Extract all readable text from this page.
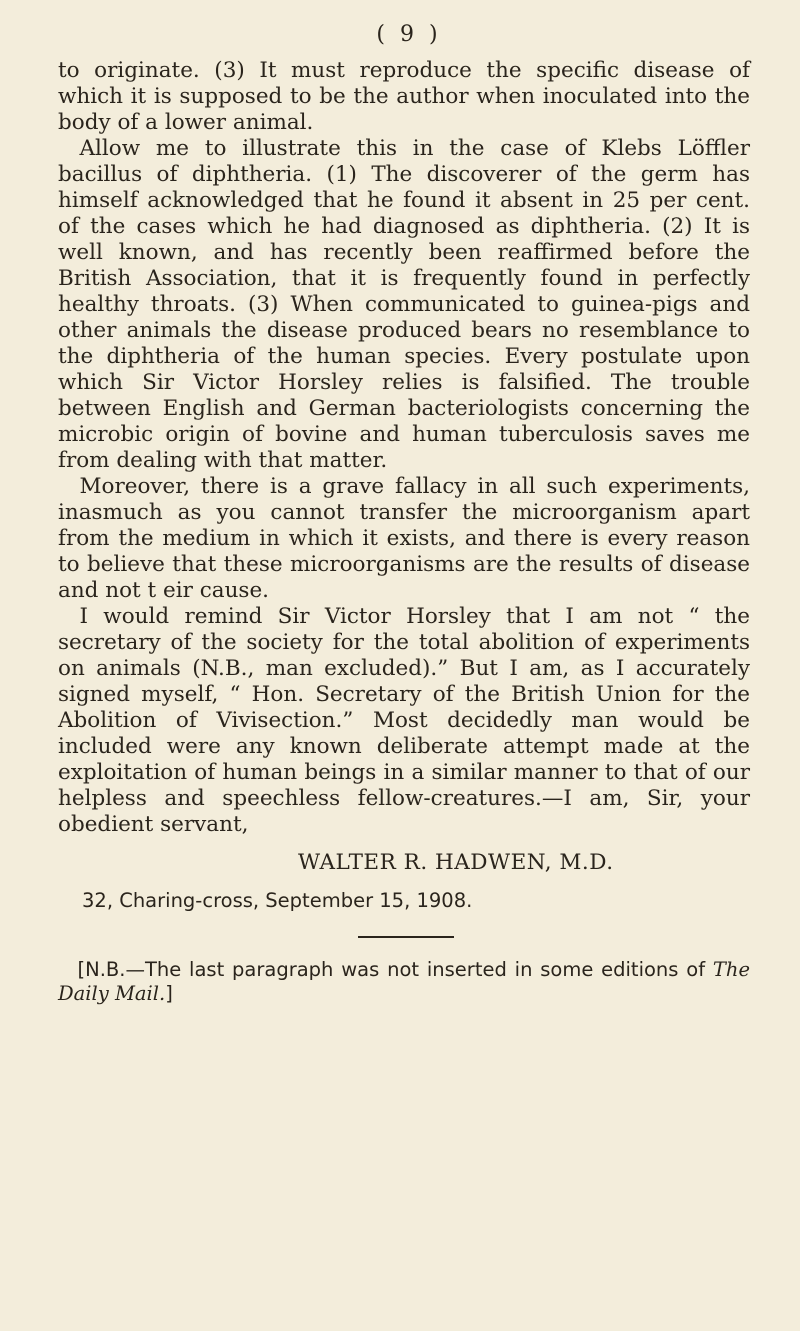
( 9 )

to originate. (3) It must reproduce the specific disease of which it is supposed to be the author when inoculated into the body of a lower animal.

Allow me to illustrate this in the case of Klebs Löffler bacillus of diphtheria. (1) The discoverer of the germ has himself acknowledged that he found it absent in 25 per cent. of the cases which he had diagnosed as diphtheria. (2) It is well known, and has recently been reaffirmed before the British Association, that it is frequently found in perfectly healthy throats. (3) When communicated to guinea-pigs and other animals the disease produced bears no resemblance to the diphtheria of the human species. Every postulate upon which Sir Victor Horsley relies is falsified. The trouble between English and German bacteriologists concerning the microbic origin of bovine and human tuberculosis saves me from dealing with that matter.

Moreover, there is a grave fallacy in all such experiments, inasmuch as you cannot transfer the microorganism apart from the medium in which it exists, and there is every reason to believe that these microorganisms are the results of disease and not t eir cause.

I would remind Sir Victor Horsley that I am not “ the secretary of the society for the total abolition of experiments on animals (N.B., man excluded).” But I am, as I accurately signed myself, “ Hon. Secretary of the British Union for the Abolition of Vivisection.” Most decidedly man would be included were any known deliberate attempt made at the exploitation of human beings in a similar manner to that of our helpless and speechless fellow-creatures.—I am, Sir, your obedient servant,

WALTER R. HADWEN, M.D.
32, Charing-cross, September 15, 1908.
[N.B.—The last paragraph was not inserted in some editions of The Daily Mail.]
